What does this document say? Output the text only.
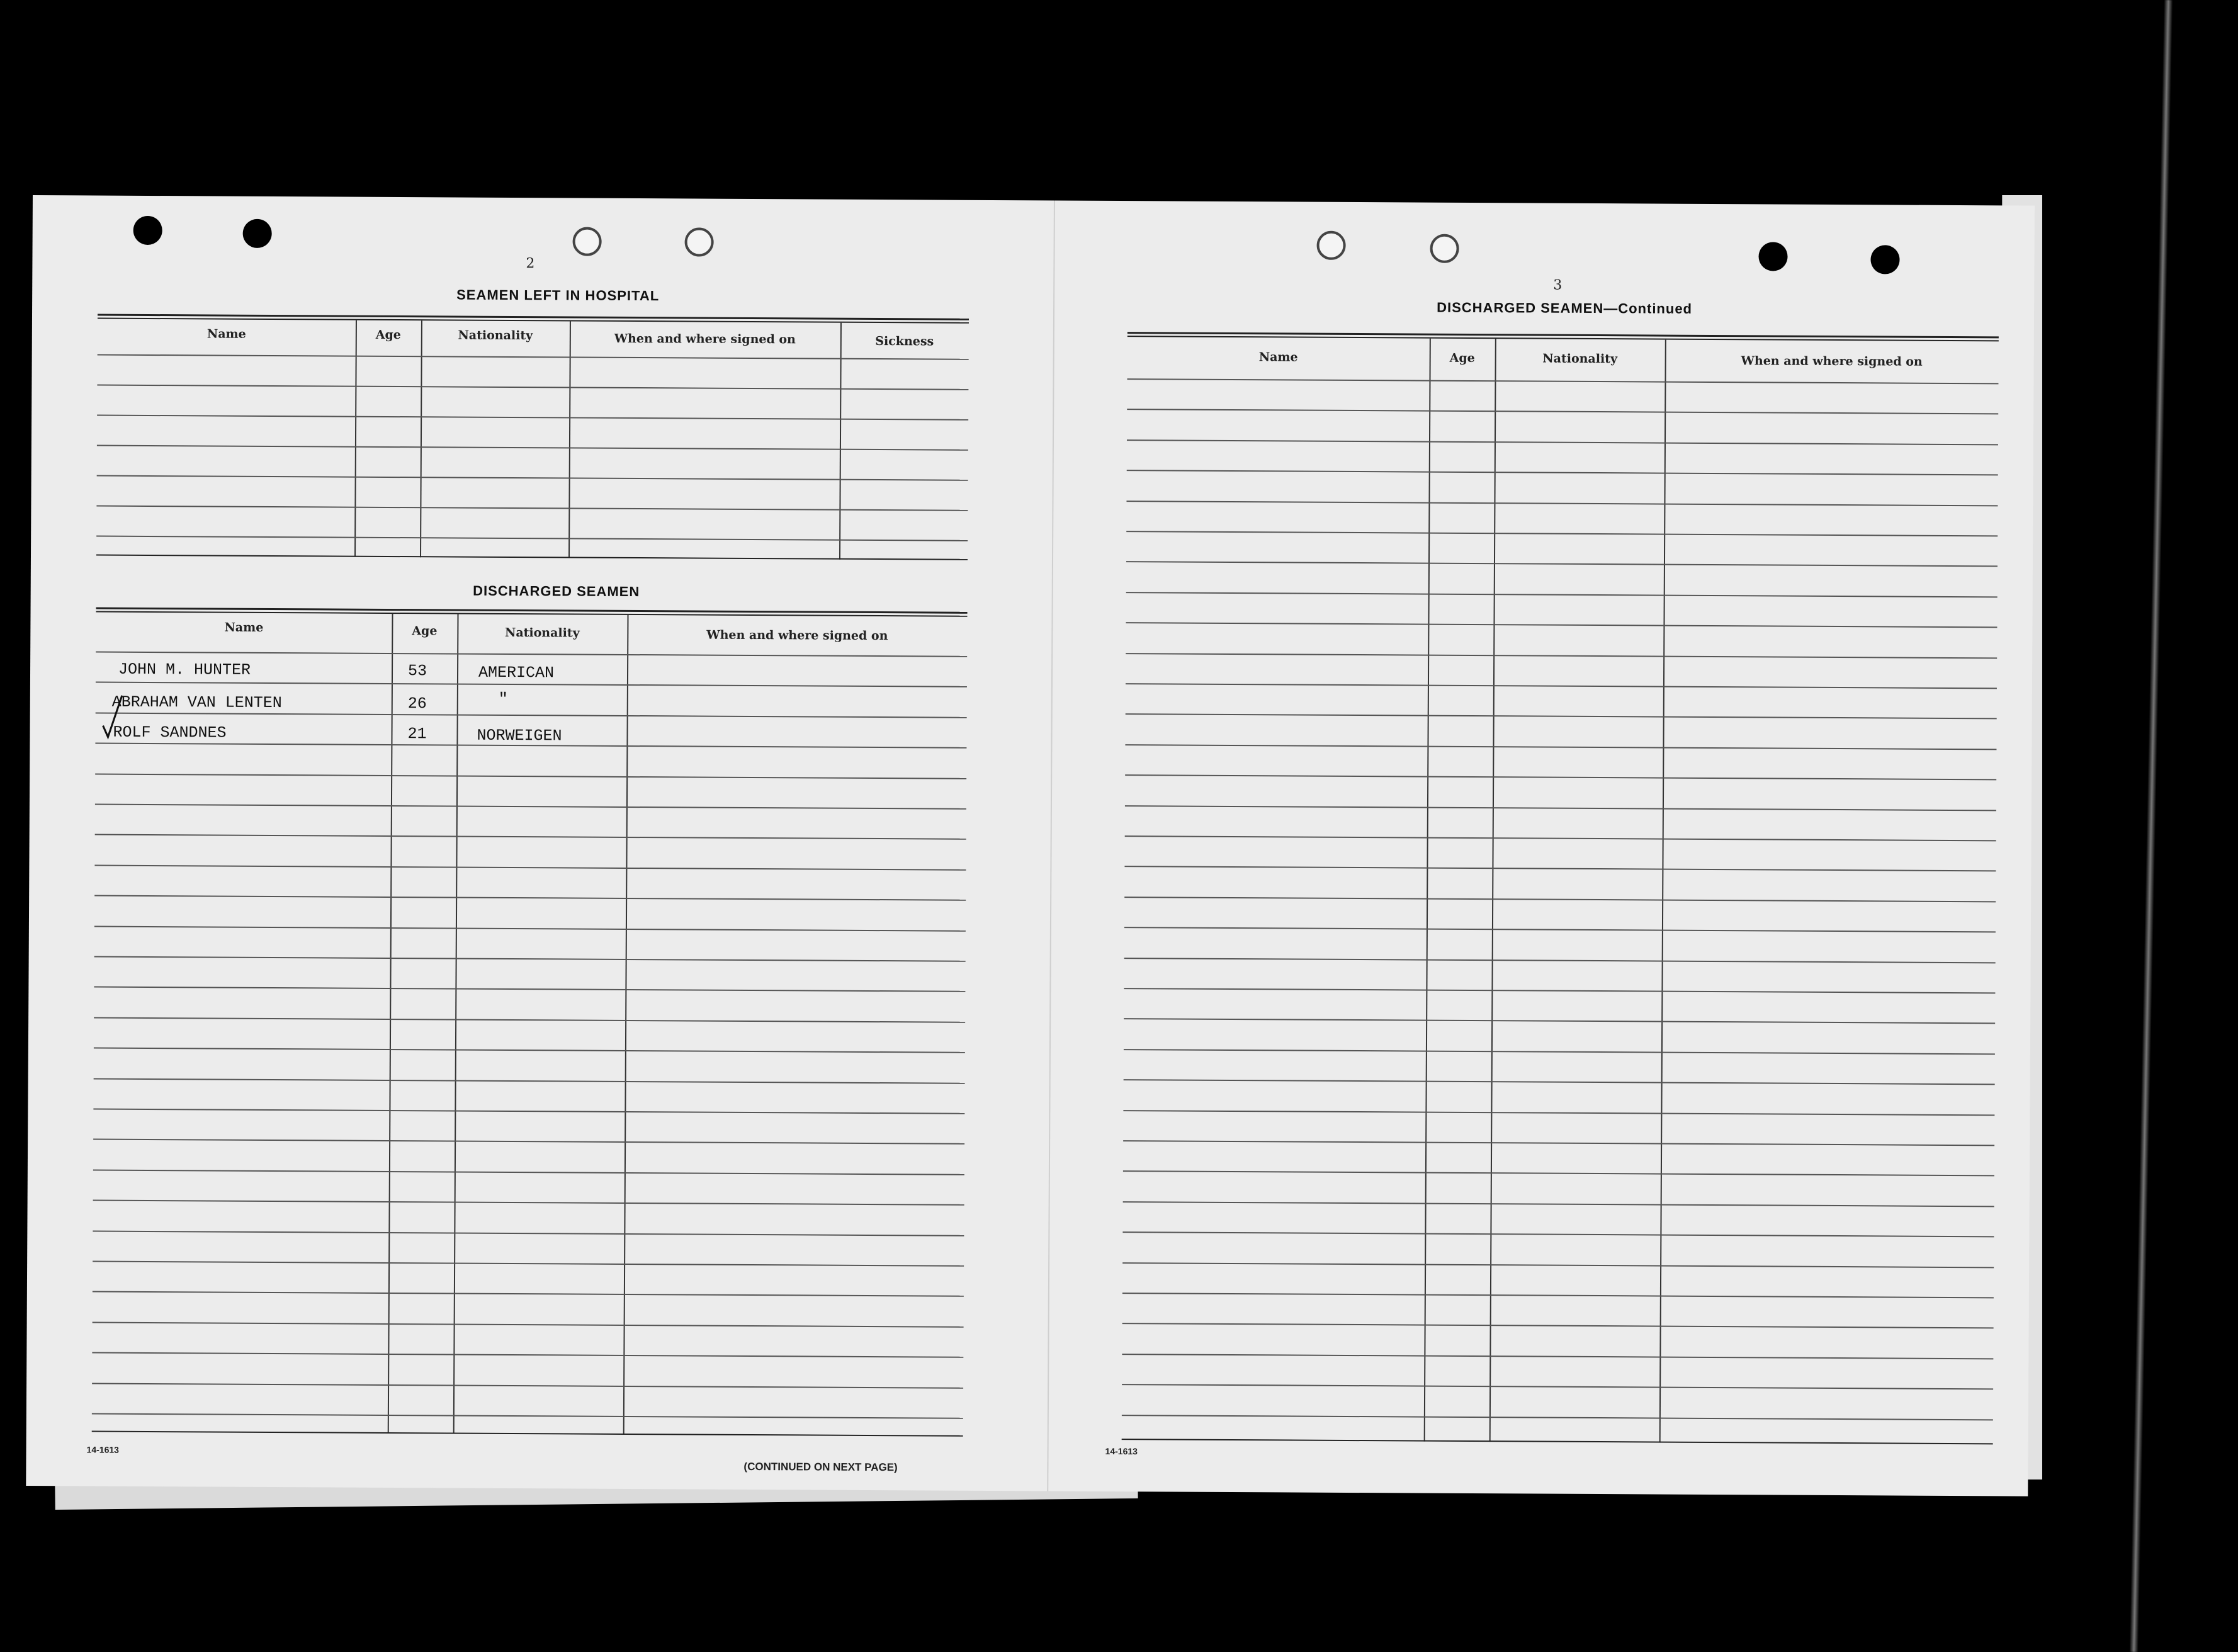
2
SEAMEN LEFT IN HOSPITAL
Name	Age	Nationality	When and where signed on	Sickness
DISCHARGED SEAMEN
Name	Age	Nationality	When and where signed on
JOHN M. HUNTER	53	AMERICAN
ABRAHAM VAN LENTEN	26	"
ROLF SANDNES	21	NORWEIGEN
14-1613
(CONTINUED ON NEXT PAGE)
3
DISCHARGED SEAMEN—Continued
Name	Age	Nationality	When and where signed on
14-1613
